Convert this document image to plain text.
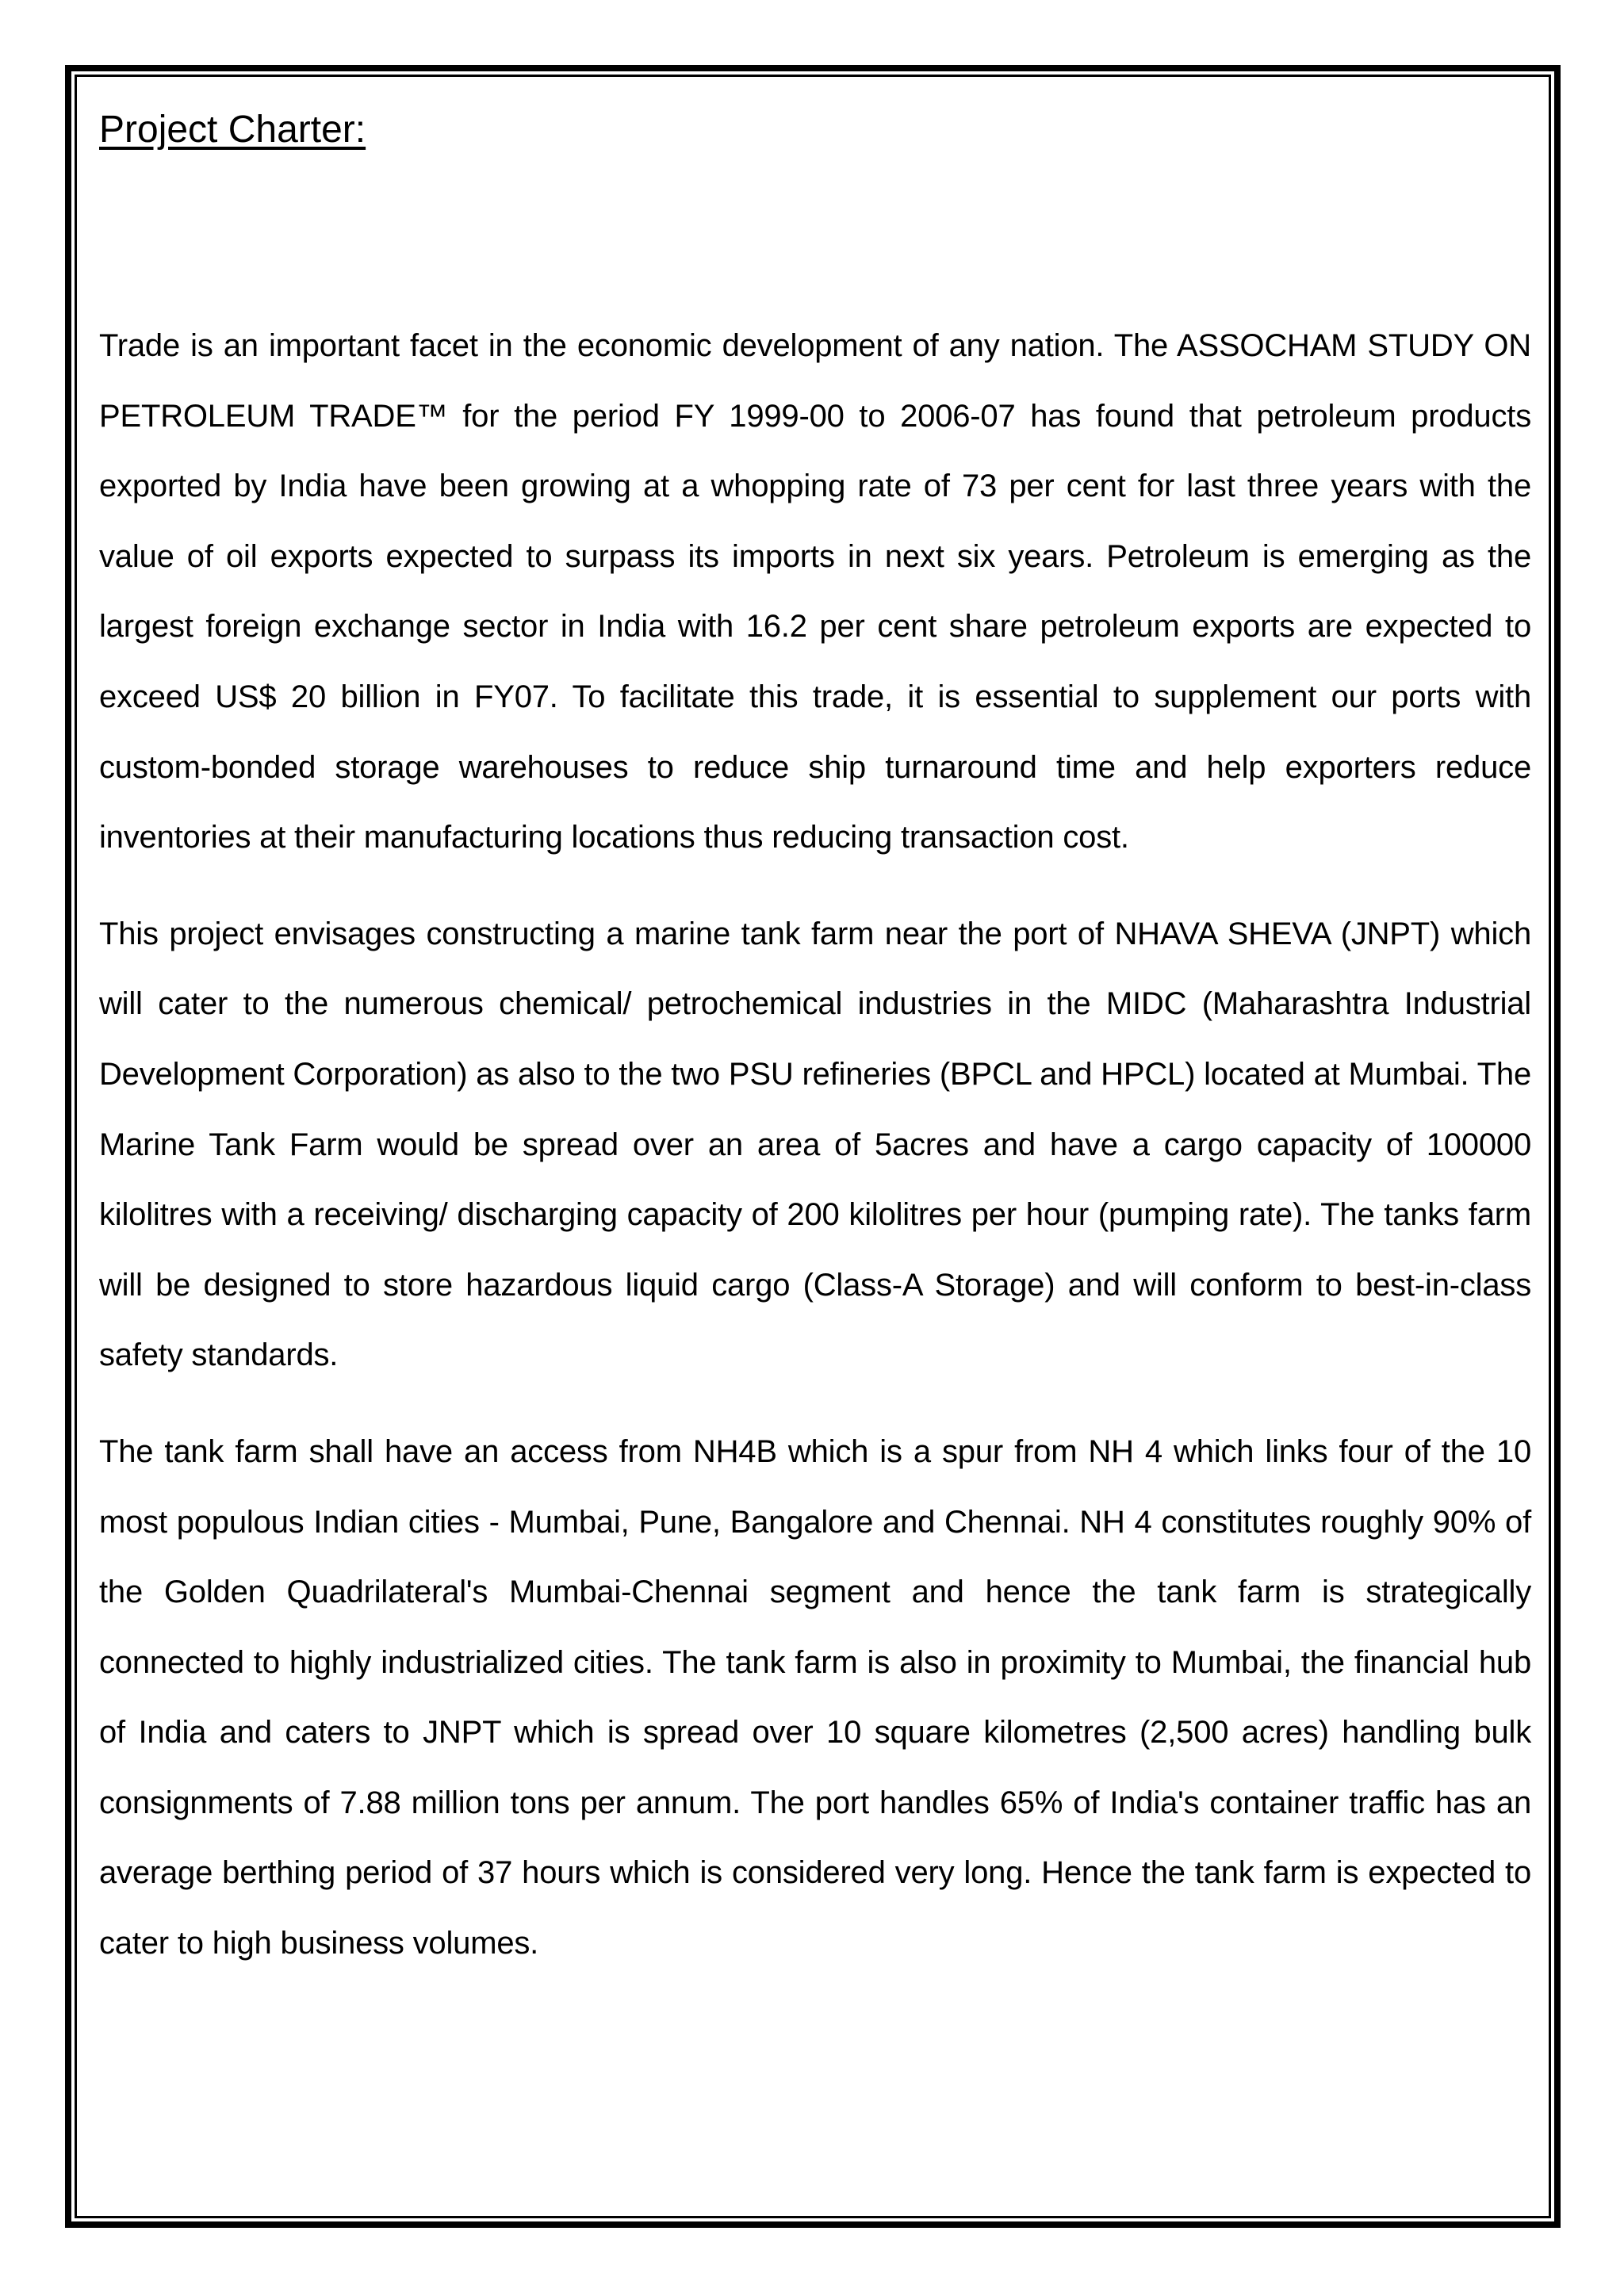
Project Charter:

Trade is an important facet in the economic development of any nation. The ASSOCHAM STUDY ON PETROLEUM TRADE™ for the period FY 1999-00 to 2006-07 has found that petroleum products exported by India have been growing at a whopping rate of 73 per cent for last three years with the value of oil exports expected to surpass its imports in next six years. Petroleum is emerging as the largest foreign exchange sector in India with 16.2 per cent share petroleum exports are expected to exceed US$ 20 billion in FY07. To facilitate this trade, it is essential to supplement our ports with custom-bonded storage warehouses to reduce ship turnaround time and help exporters reduce inventories at their manufacturing locations thus reducing transaction cost.

This project envisages constructing a marine tank farm near the port of NHAVA SHEVA (JNPT) which will cater to the numerous chemical/ petrochemical industries in the MIDC (Maharashtra Industrial Development Corporation) as also to the two PSU refineries (BPCL and HPCL) located at Mumbai. The Marine Tank Farm would be spread over an area of 5acres and have a cargo capacity of 100000 kilolitres with a receiving/ discharging capacity of 200 kilolitres per hour (pumping rate). The tanks farm will be designed to store hazardous liquid cargo (Class-A Storage) and will conform to best-in-class safety standards.

The tank farm shall have an access from NH4B which is a spur from NH 4 which links four of the 10 most populous Indian cities - Mumbai, Pune, Bangalore and Chennai. NH 4 constitutes roughly 90% of the Golden Quadrilateral's Mumbai-Chennai segment and hence the tank farm is strategically connected to highly industrialized cities. The tank farm is also in proximity to Mumbai, the financial hub of India and caters to JNPT which is spread over 10 square kilometres (2,500 acres) handling bulk consignments of 7.88 million tons per annum. The port handles 65% of India's container traffic has an average berthing period of 37 hours which is considered very long. Hence the tank farm is expected to cater to high business volumes.
